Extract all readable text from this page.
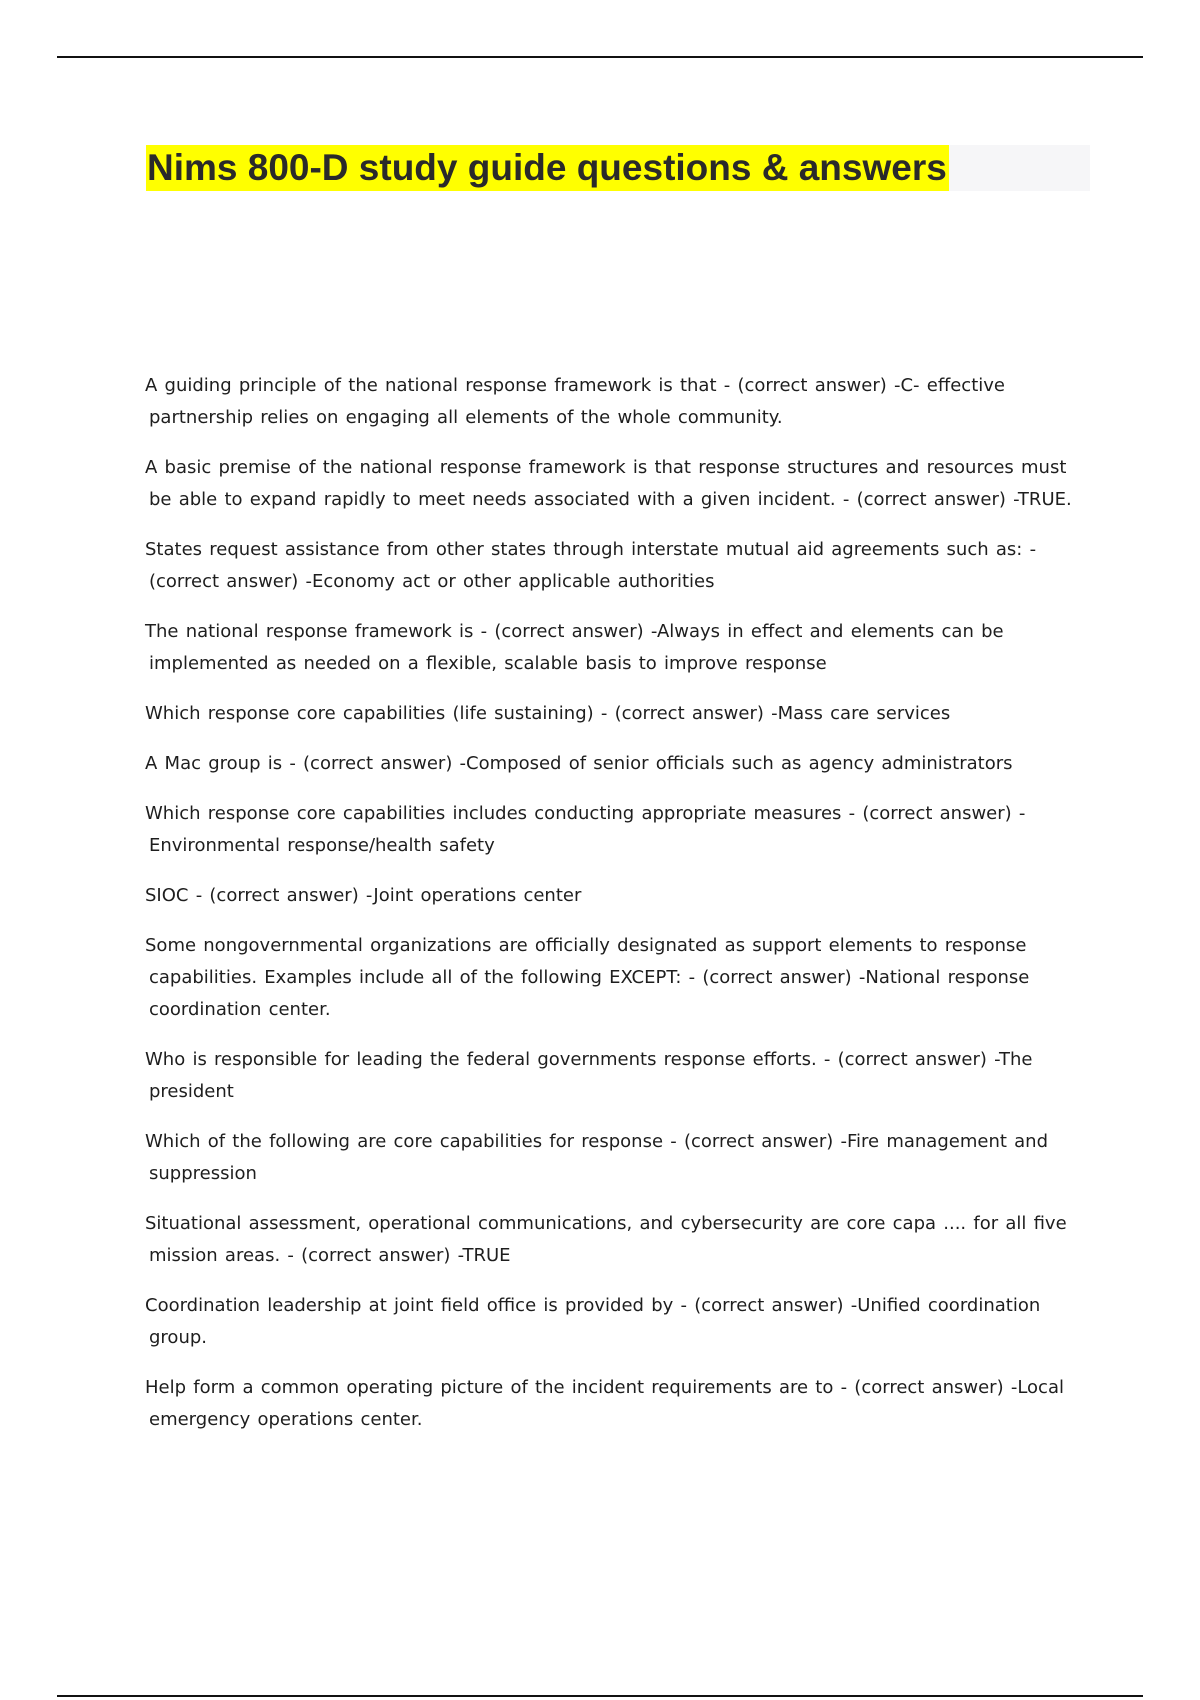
Nims 800-D study guide questions & answers
A guiding principle of the national response framework is that - (correct answer) -C- effective partnership relies on engaging all elements of the whole community.
A basic premise of the national response framework is that response structures and resources must be able to expand rapidly to meet needs associated with a given incident. - (correct answer) -TRUE.
States request assistance from other states through interstate mutual aid agreements such as: - (correct answer) -Economy act or other applicable authorities
The national response framework is - (correct answer) -Always in effect and elements can be implemented as needed on a flexible, scalable basis to improve response
Which response core capabilities (life sustaining) - (correct answer) -Mass care services
A Mac group is - (correct answer) -Composed of senior officials such as agency administrators
Which response core capabilities includes conducting appropriate measures - (correct answer) -Environmental response/health safety
SIOC - (correct answer) -Joint operations center
Some nongovernmental organizations are officially designated as support elements to response capabilities. Examples include all of the following EXCEPT: - (correct answer) -National response coordination center.
Who is responsible for leading the federal governments response efforts. - (correct answer) -The president
Which of the following are core capabilities for response - (correct answer) -Fire management and suppression
Situational assessment, operational communications, and cybersecurity are core capa .... for all five mission areas. - (correct answer) -TRUE
Coordination leadership at joint field office is provided by - (correct answer) -Unified coordination group.
Help form a common operating picture of the incident requirements are to - (correct answer) -Local emergency operations center.
